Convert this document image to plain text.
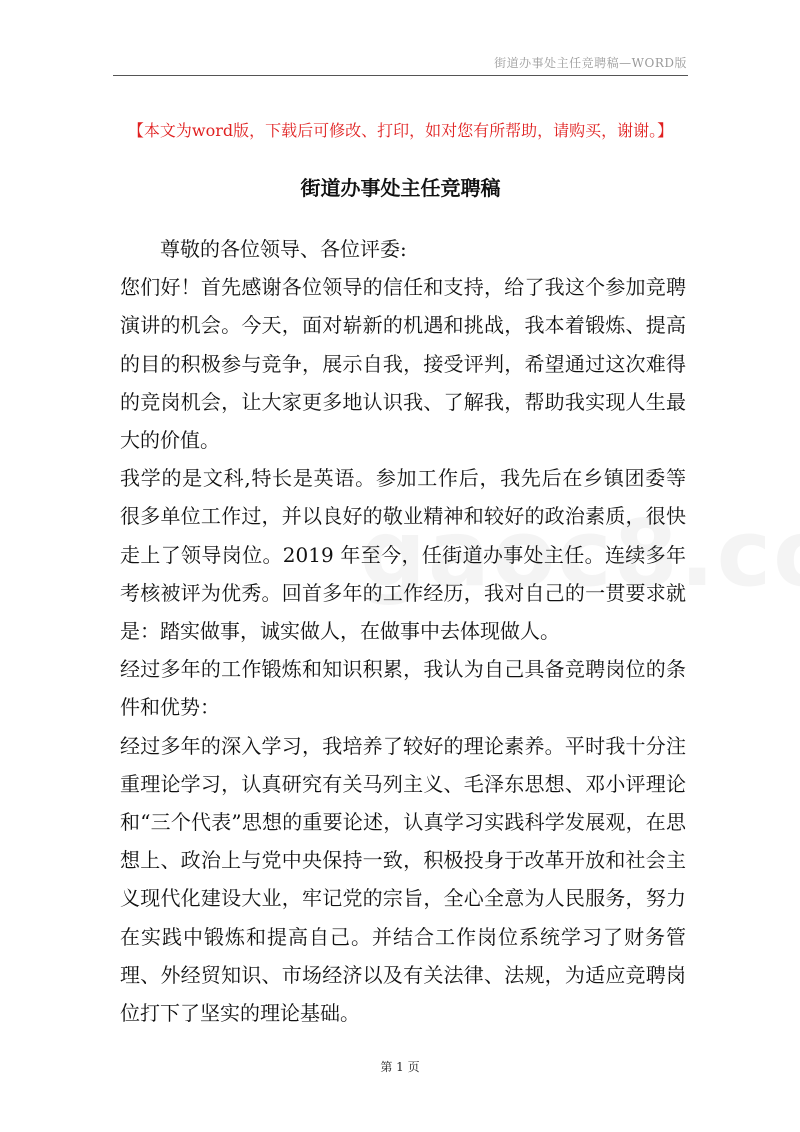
街道办事处主任竞聘稿—WORD版
【本文为word版，下载后可修改、打印，如对您有所帮助，请购买，谢谢。】
街道办事处主任竞聘稿

尊敬的各位领导、各位评委:

您们好！首先感谢各位领导的信任和支持，给了我这个参加竞聘演讲的机会。今天，面对崭新的机遇和挑战，我本着锻炼、提高的目的积极参与竞争，展示自我，接受评判，希望通过这次难得的竞岗机会，让大家更多地认识我、了解我，帮助我实现人生最大的价值。

我学的是文科,特长是英语。参加工作后，我先后在乡镇团委等很多单位工作过，并以良好的敬业精神和较好的政治素质，很快走上了领导岗位。2019 年至今，任街道办事处主任。连续多年考核被评为优秀。回首多年的工作经历，我对自己的一贯要求就是：踏实做事，诚实做人，在做事中去体现做人。

经过多年的工作锻炼和知识积累，我认为自己具备竞聘岗位的条件和优势：

经过多年的深入学习，我培养了较好的理论素养。平时我十分注重理论学习，认真研究有关马列主义、毛泽东思想、邓小评理论和“三个代表”思想的重要论述，认真学习实践科学发展观，在思想上、政治上与党中央保持一致，积极投身于改革开放和社会主义现代化建设大业，牢记党的宗旨，全心全意为人民服务，努力在实践中锻炼和提高自己。并结合工作岗位系统学习了财务管理、外经贸知识、市场经济以及有关法律、法规，为适应竞聘岗位打下了坚实的理论基础。

第 1 页
